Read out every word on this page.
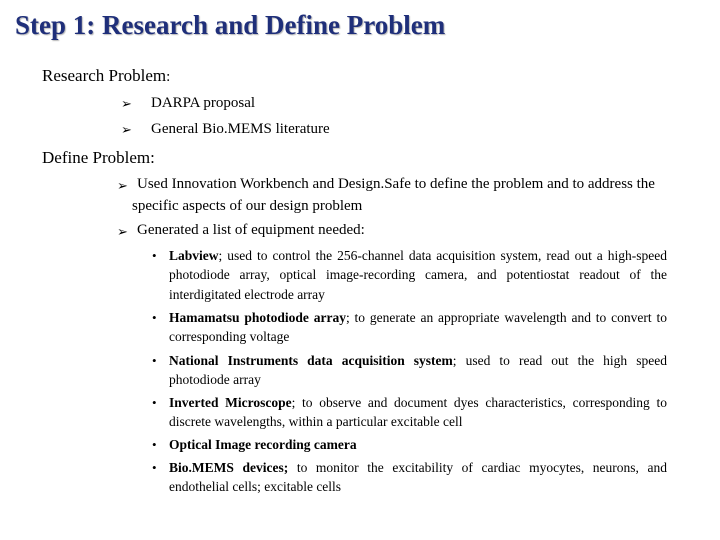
Step 1: Research and Define Problem
Research Problem:
➢ DARPA proposal
➢ General Bio.MEMS literature
Define Problem:
➢ Used Innovation Workbench and Design.Safe to define the problem and to address the specific aspects of our design problem
➢ Generated a list of equipment needed:
• Labview; used to control the 256-channel data acquisition system, read out a high-speed photodiode array, optical image-recording camera, and potentiostat readout of the interdigitated electrode array
• Hamamatsu photodiode array; to generate an appropriate wavelength and to convert to corresponding voltage
• National Instruments data acquisition system; used to read out the high speed photodiode array
• Inverted Microscope; to observe and document dyes characteristics, corresponding to discrete wavelengths, within a particular excitable cell
• Optical Image recording camera
• Bio.MEMS devices; to monitor the excitability of cardiac myocytes, neurons, and endothelial cells; excitable cells
